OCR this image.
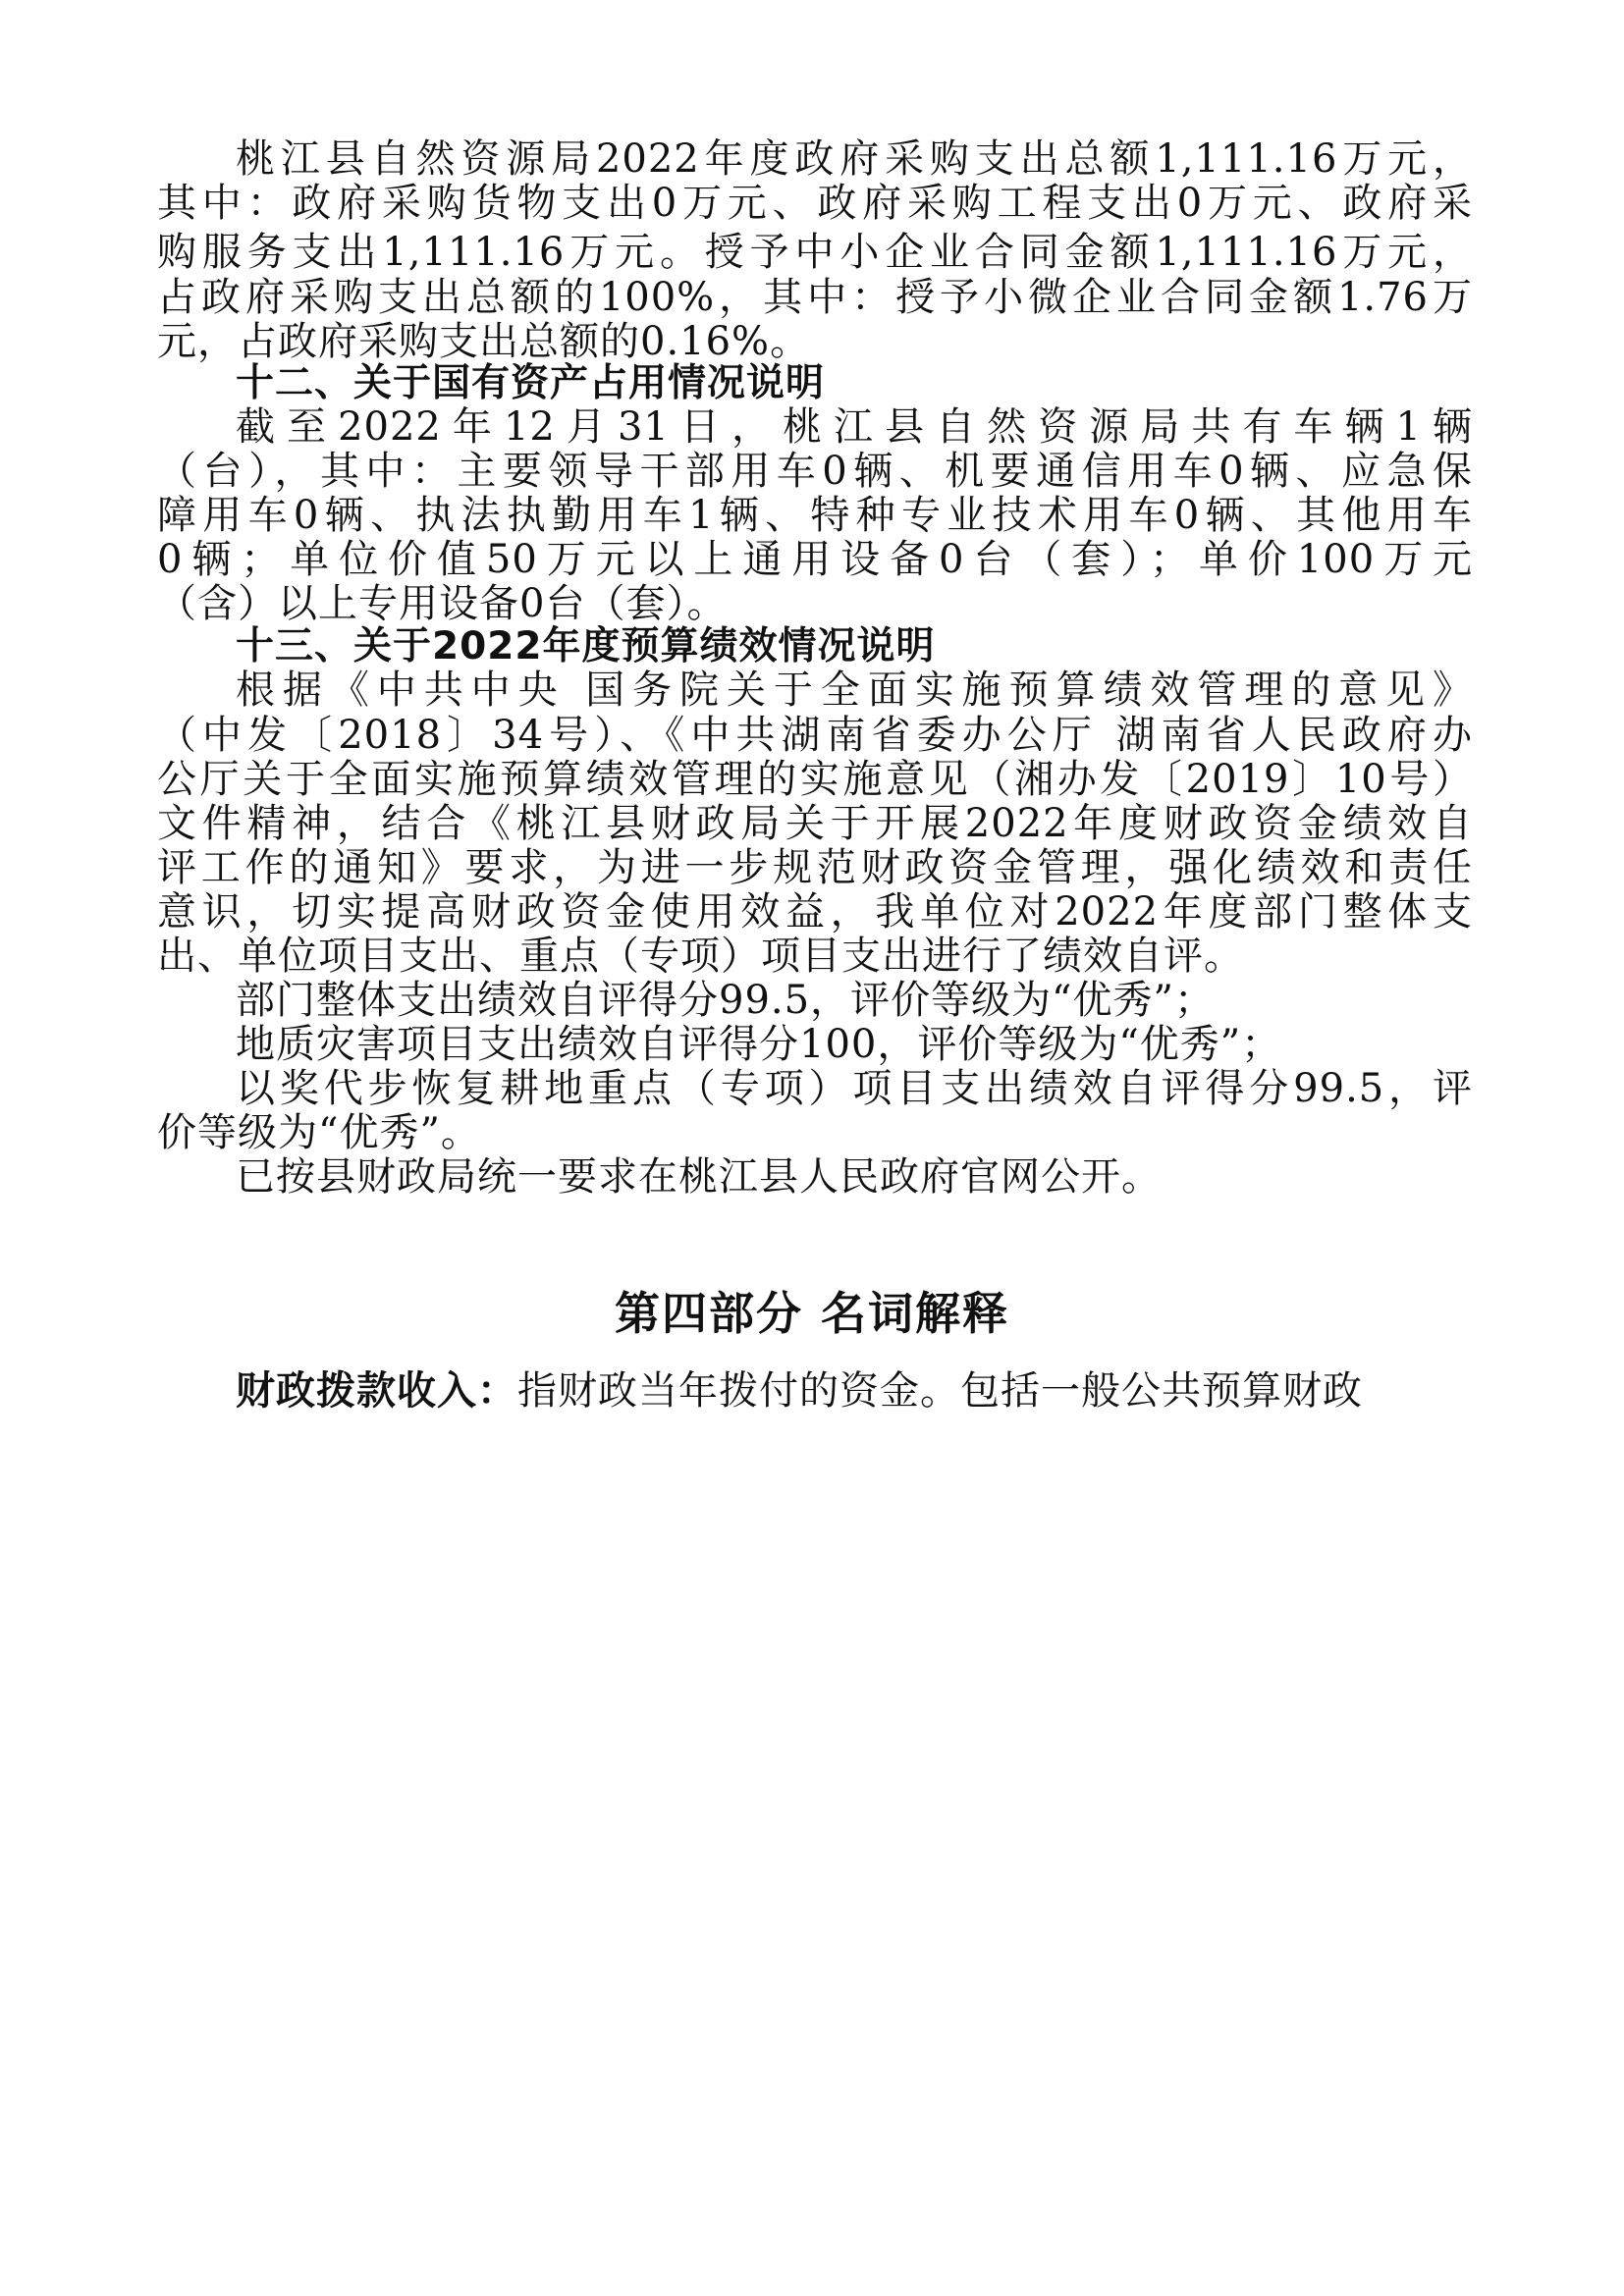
桃江县自然资源局2022年度政府采购支出总额1,111.16万元，
其中：政府采购货物支出0万元、政府采购工程支出0万元、政府采
购服务支出1,111.16万元。授予中小企业合同金额1,111.16万元，
占政府采购支出总额的100%，其中：授予小微企业合同金额1.76万
元，占政府采购支出总额的0.16%。
十二、关于国有资产占用情况说明
截至2022年12月31日，桃江县自然资源局共有车辆1辆
（台），其中：主要领导干部用车0辆、机要通信用车0辆、应急保
障用车0辆、执法执勤用车1辆、特种专业技术用车0辆、其他用车
0辆；单位价值50万元以上通用设备0台（套）；单价100万元
（含）以上专用设备0台（套）。
十三、关于2022年度预算绩效情况说明
根据《中共中央 国务院关于全面实施预算绩效管理的意见》
（中发〔2018〕34号）、《中共湖南省委办公厅 湖南省人民政府办
公厅关于全面实施预算绩效管理的实施意见（湘办发〔2019〕10号）
文件精神，结合《桃江县财政局关于开展2022年度财政资金绩效自
评工作的通知》要求，为进一步规范财政资金管理，强化绩效和责任
意识，切实提高财政资金使用效益，我单位对2022年度部门整体支
出、单位项目支出、重点（专项）项目支出进行了绩效自评。
部门整体支出绩效自评得分99.5，评价等级为“优秀”；
地质灾害项目支出绩效自评得分100，评价等级为“优秀”；
以奖代步恢复耕地重点（专项）项目支出绩效自评得分99.5，评
价等级为“优秀”。
已按县财政局统一要求在桃江县人民政府官网公开。
第四部分 名词解释
财政拨款收入：指财政当年拨付的资金。包括一般公共预算财政
